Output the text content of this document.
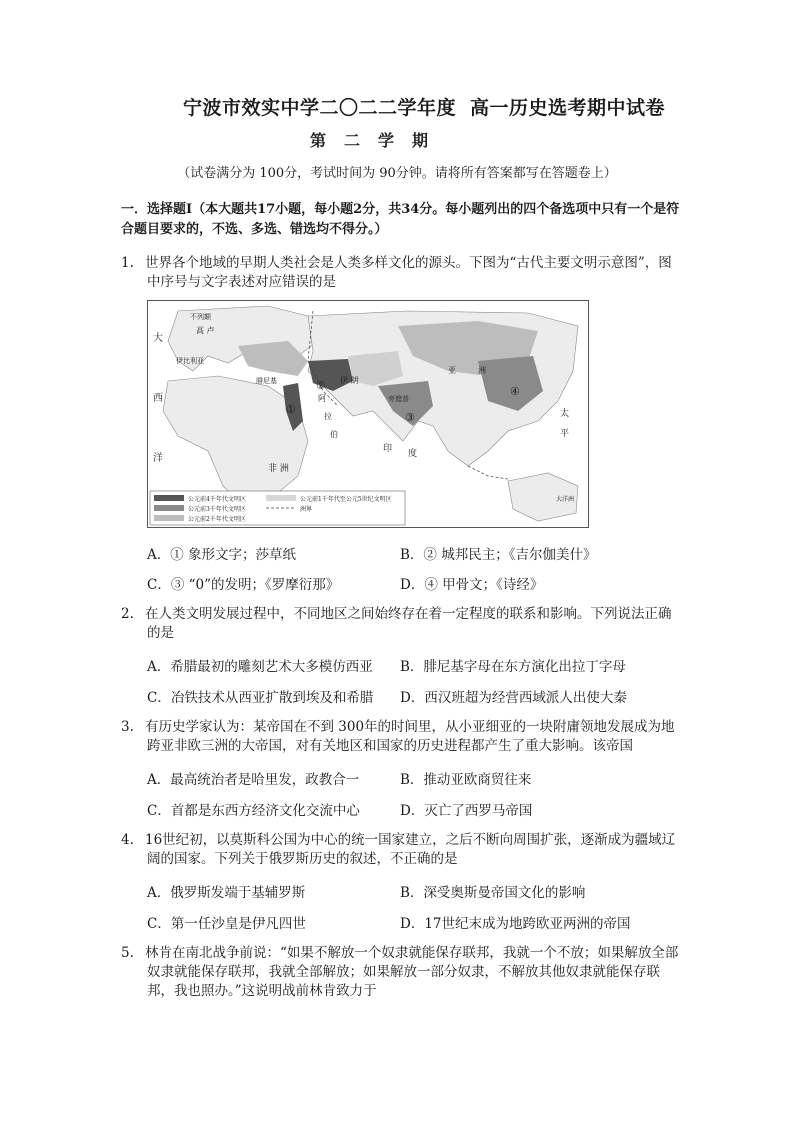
宁波市效实中学二〇二二学年度 高一历史选考期中试卷
第二学期
（试卷满分为 100分，考试时间为 90分钟。请将所有答案都写在答题卷上）
一．选择题Ⅰ（本大题共17小题，每小题2分，共34分。每小题列出的四个备选项中只有一个是符合题目要求的，不选、多选、错选均不得分。）
1. 世界各个地域的早期人类社会是人类多样文化的源头。下图为“古代主要文明示意图”，图中序号与文字表述对应错误的是
不列颠
高 卢
大
伊比利亚
西
洋
腓尼基	伊 朗
阿
拉
伯
非 洲
旁遮普
亚	洲
印 度
太
平
大洋洲
①
②
③
④
公元前4千年代文明区
公元前3千年代文明区
公元前2千年代文明区
公元前1千年代至公元5世纪文明区
洲界
A．① 象形文字；莎草纸	B．② 城邦民主；《吉尔伽美什》
C．③ “0”的发明；《罗摩衍那》	D．④ 甲骨文；《诗经》
2. 在人类文明发展过程中，不同地区之间始终存在着一定程度的联系和影响。下列说法正确的是
A．希腊最初的雕刻艺术大多模仿西亚 B．腓尼基字母在东方演化出拉丁字母
C．冶铁技术从西亚扩散到埃及和希腊 D．西汉班超为经营西域派人出使大秦
3. 有历史学家认为：某帝国在不到 300年的时间里，从小亚细亚的一块附庸领地发展成为地跨亚非欧三洲的大帝国，对有关地区和国家的历史进程都产生了重大影响。该帝国
A．最高统治者是哈里发，政教合一	B．推动亚欧商贸往来
C．首都是东西方经济文化交流中心	D．灭亡了西罗马帝国
4. 16世纪初，以莫斯科公国为中心的统一国家建立，之后不断向周围扩张，逐渐成为疆域辽阔的国家。下列关于俄罗斯历史的叙述，不正确的是
A．俄罗斯发端于基辅罗斯	B．深受奥斯曼帝国文化的影响
C．第一任沙皇是伊凡四世	D．17世纪末成为地跨欧亚两洲的帝国
5. 林肯在南北战争前说：“如果不解放一个奴隶就能保存联邦，我就一个不放；如果解放全部奴隶就能保存联邦，我就全部解放；如果解放一部分奴隶，不解放其他奴隶就能保存联邦，我也照办。”这说明战前林肯致力于
